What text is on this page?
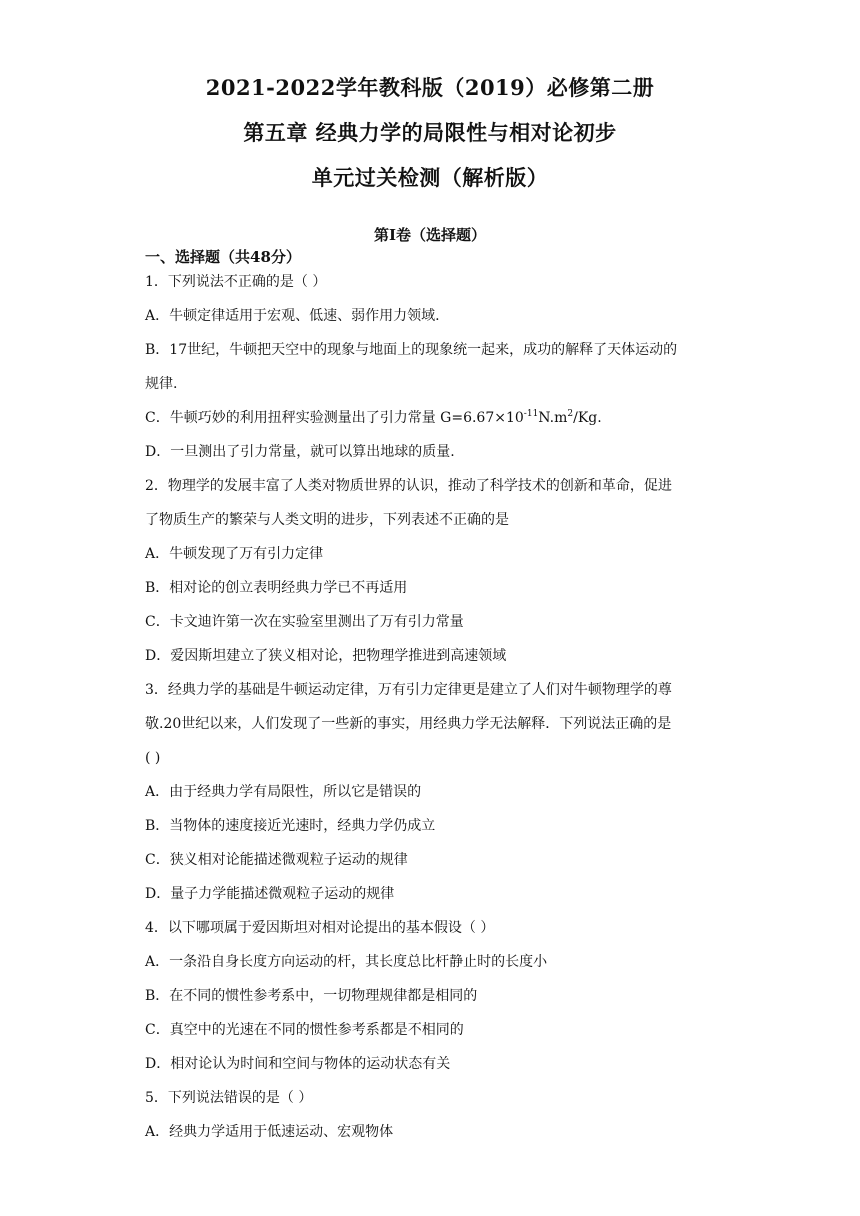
2021-2022学年教科版（2019）必修第二册
第五章 经典力学的局限性与相对论初步
单元过关检测（解析版）
第Ⅰ卷（选择题）
一、选择题（共48分）
1．下列说法不正确的是（ ）
A．牛顿定律适用于宏观、低速、弱作用力领域.
B．17世纪，牛顿把天空中的现象与地面上的现象统一起来，成功的解释了天体运动的
规律.
C．牛顿巧妙的利用扭秤实验测量出了引力常量 $G=6.67\times 10^{-11}N.m^2/Kg$.
D．一旦测出了引力常量，就可以算出地球的质量.
2．物理学的发展丰富了人类对物质世界的认识，推动了科学技术的创新和革命，促进
了物质生产的繁荣与人类文明的进步，下列表述不正确的是
A．牛顿发现了万有引力定律
B．相对论的创立表明经典力学已不再适用
C．卡文迪许第一次在实验室里测出了万有引力常量
D．爱因斯坦建立了狭义相对论，把物理学推进到高速领域
3．经典力学的基础是牛顿运动定律，万有引力定律更是建立了人们对牛顿物理学的尊
敬.20世纪以来，人们发现了一些新的事实，用经典力学无法解释．下列说法正确的是
( )
A．由于经典力学有局限性，所以它是错误的
B．当物体的速度接近光速时，经典力学仍成立
C．狭义相对论能描述微观粒子运动的规律
D．量子力学能描述微观粒子运动的规律
4．以下哪项属于爱因斯坦对相对论提出的基本假设（ ）
A．一条沿自身长度方向运动的杆，其长度总比杆静止时的长度小
B．在不同的惯性参考系中，一切物理规律都是相同的
C．真空中的光速在不同的惯性参考系都是不相同的
D．相对论认为时间和空间与物体的运动状态有关
5．下列说法错误的是（ ）
A．经典力学适用于低速运动、宏观物体
